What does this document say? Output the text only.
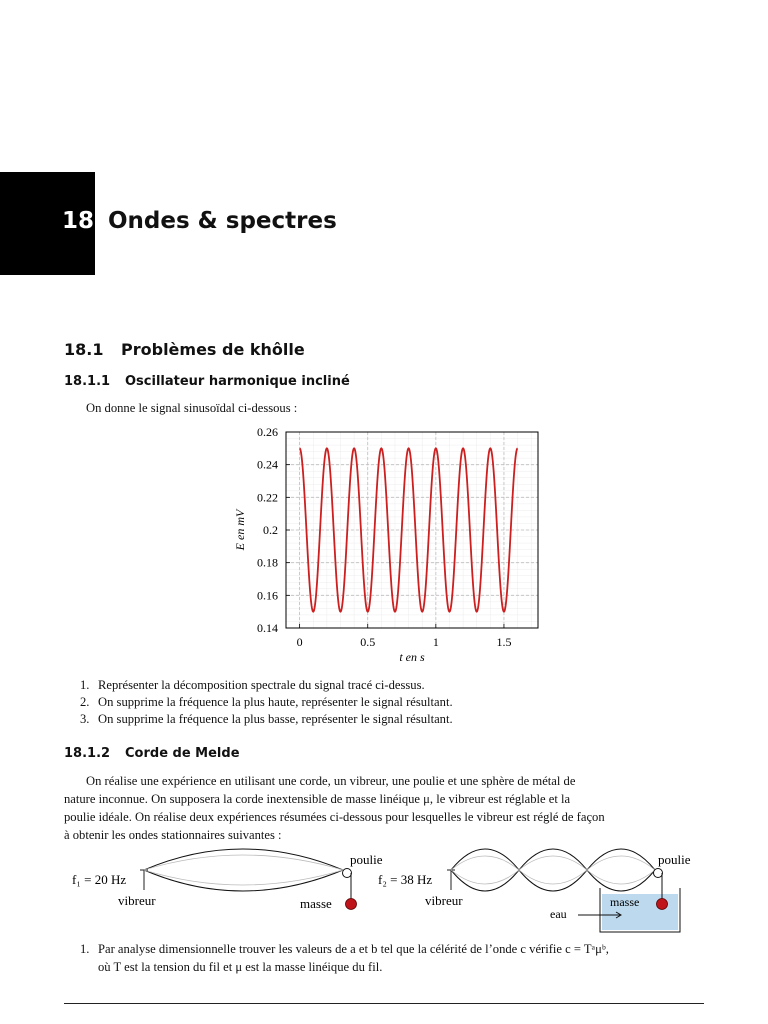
18 Ondes & spectres
18.1 Problèmes de khôlle
18.1.1 Oscillateur harmonique incliné
On donne le signal sinusoïdal ci-dessous :
0.14
0.16
0.18
0.2
0.22
0.24
0.26
0	0.5	1	1.5
t en s
E en mV
1. Représenter la décomposition spectrale du signal tracé ci-dessus.
2. On supprime la fréquence la plus haute, représenter le signal résultant.
3. On supprime la fréquence la plus basse, représenter le signal résultant.
18.1.2 Corde de Melde
On réalise une expérience en utilisant une corde, un vibreur, une poulie et une sphère de métal de
nature inconnue. On supposera la corde inextensible de masse linéique μ, le vibreur est réglable et la
poulie idéale. On réalise deux expériences résumées ci-dessous pour lesquelles le vibreur est réglé de façon
à obtenir les ondes stationnaires suivantes :
f₁ = 20 Hz
vibreur
poulie
masse
f₂ = 38 Hz
vibreur
poulie
masse
eau
1. Par analyse dimensionnelle trouver les valeurs de a et b tel que la célérité de l’onde c vérifie c = Tᵃμᵇ,
où T est la tension du fil et μ est la masse linéique du fil.
